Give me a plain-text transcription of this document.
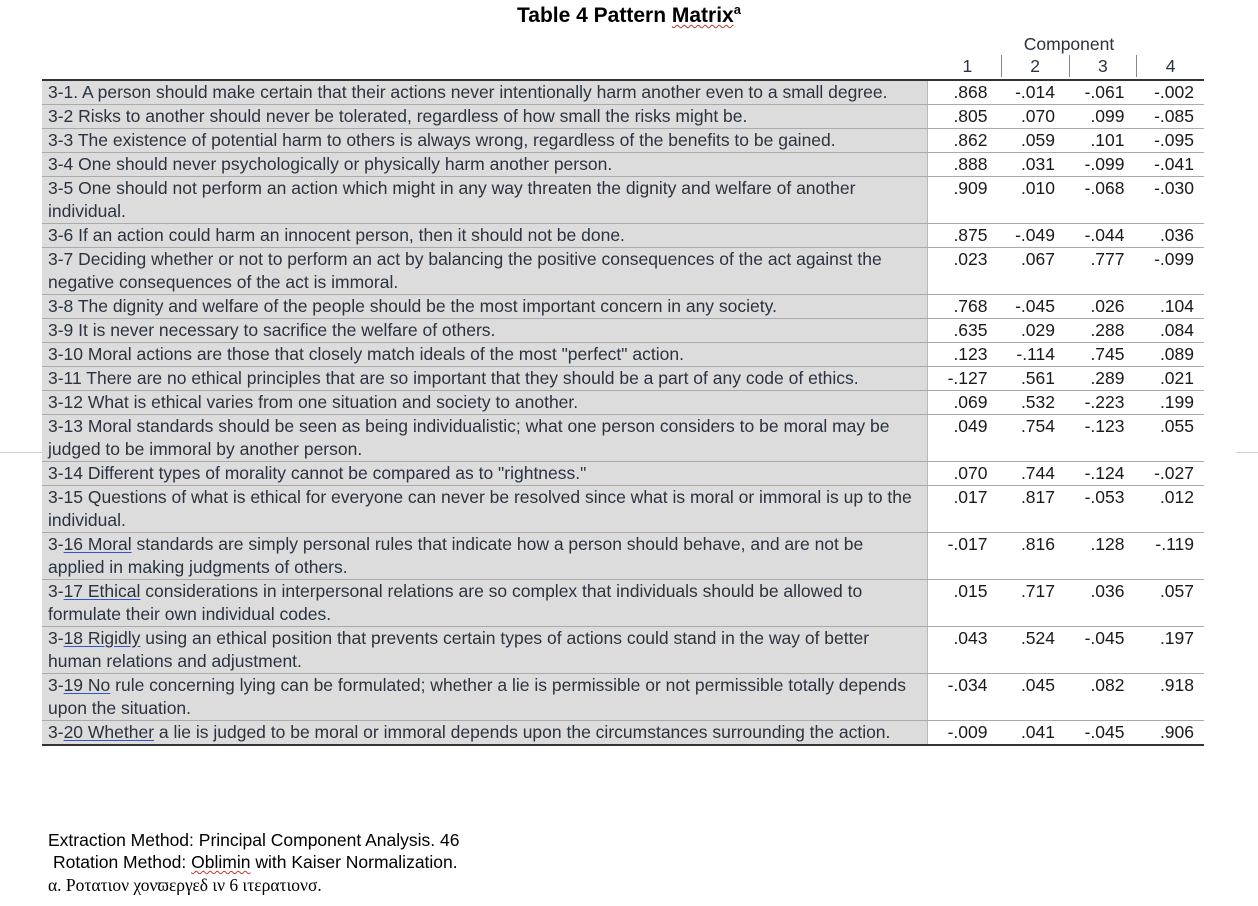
Table 4 Pattern Matrix$^a$
Component
1	2	3	4
3-1. A person should make certain that their actions never intentionally harm another even to a small degree.	.868	-.014	-.061	-.002
3-2 Risks to another should never be tolerated, regardless of how small the risks might be.	.805	.070	.099	-.085
3-3 The existence of potential harm to others is always wrong, regardless of the benefits to be gained.	.862	.059	.101	-.095
3-4 One should never psychologically or physically harm another person.	.888	.031	-.099	-.041
3-5 One should not perform an action which might in any way threaten the dignity and welfare of another individual.
.909	.010	-.068	-.030
3-6 If an action could harm an innocent person, then it should not be done.	.875	-.049	-.044	.036
3-7 Deciding whether or not to perform an act by balancing the positive consequences of the act against the negative consequences of the act is immoral.
.023	.067	.777	-.099
3-8 The dignity and welfare of the people should be the most important concern in any society.	.768	-.045	.026	.104
3-9 It is never necessary to sacrifice the welfare of others.	.635	.029	.288	.084
3-10 Moral actions are those that closely match ideals of the most "perfect" action.	.123	-.114	.745	.089
3-11 There are no ethical principles that are so important that they should be a part of any code of ethics.	-.127	.561	.289	.021
3-12 What is ethical varies from one situation and society to another.	.069	.532	-.223	.199
3-13 Moral standards should be seen as being individualistic; what one person considers to be moral may be judged to be immoral by another person.
.049	.754	-.123	.055
3-14 Different types of morality cannot be compared as to "rightness."	.070	.744	-.124	-.027
3-15 Questions of what is ethical for everyone can never be resolved since what is moral or immoral is up to the individual.
.017	.817	-.053	.012
3-16 Moral standards are simply personal rules that indicate how a person should behave, and are not be applied in making judgments of others.
-.017	.816	.128	-.119
3-17 Ethical considerations in interpersonal relations are so complex that individuals should be allowed to formulate their own individual codes.
.015	.717	.036	.057
3-18 Rigidly using an ethical position that prevents certain types of actions could stand in the way of better human relations and adjustment.
.043	.524	-.045	.197
3-19 No rule concerning lying can be formulated; whether a lie is permissible or not permissible totally depends upon the situation.
-.034	.045	.082	.918
3-20 Whether a lie is judged to be moral or immoral depends upon the circumstances surrounding the action.	-.009	.041	-.045	.906
Extraction Method: Principal Component Analysis. 46
Rotation Method: Oblimin with Kaiser Normalization.
α. Ροτατιον χονϖεργεδ ιν 6 ιτερατιονσ.
